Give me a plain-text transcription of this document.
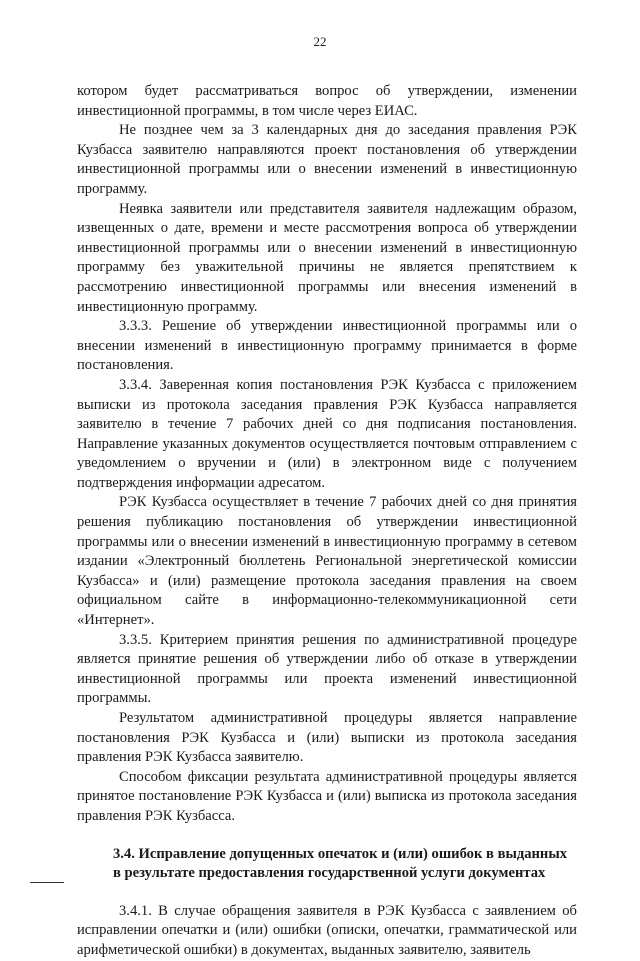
22

котором будет рассматриваться вопрос об утверждении, изменении инвестиционной программы, в том числе через ЕИАС.

Не позднее чем за 3 календарных дня до заседания правления РЭК Кузбасса заявителю направляются проект постановления об утверждении инвестиционной программы или о внесении изменений в инвестиционную программу.

Неявка заявители или представителя заявителя надлежащим образом, извещенных о дате, времени и месте рассмотрения вопроса об утверждении инвестиционной программы или о внесении изменений в инвестиционную программу без уважительной причины не является препятствием к рассмотрению инвестиционной программы или внесения изменений в инвестиционную программу.

3.3.3. Решение об утверждении инвестиционной программы или о внесении изменений в инвестиционную программу принимается в форме постановления.

3.3.4. Заверенная копия постановления РЭК Кузбасса с приложением выписки из протокола заседания правления РЭК Кузбасса направляется заявителю в течение 7 рабочих дней со дня подписания постановления. Направление указанных документов осуществляется почтовым отправлением с уведомлением о вручении и (или) в электронном виде с получением подтверждения информации адресатом.

РЭК Кузбасса осуществляет в течение 7 рабочих дней со дня принятия решения публикацию постановления об утверждении инвестиционной программы или о внесении изменений в инвестиционную программу в сетевом издании «Электронный бюллетень Региональной энергетической комиссии Кузбасса» и (или) размещение протокола заседания правления на своем официальном сайте в информационно-телекоммуникационной сети «Интернет».

3.3.5. Критерием принятия решения по административной процедуре является принятие решения об утверждении либо об отказе в утверждении инвестиционной программы или проекта изменений инвестиционной программы.

Результатом административной процедуры является направление постановления РЭК Кузбасса и (или) выписки из протокола заседания правления РЭК Кузбасса заявителю.

Способом фиксации результата административной процедуры является принятое постановление РЭК Кузбасса и (или) выписка из протокола заседания правления РЭК Кузбасса.

3.4. Исправление допущенных опечаток и (или) ошибок в выданных в результате предоставления государственной услуги документах

3.4.1. В случае обращения заявителя в РЭК Кузбасса с заявлением об исправлении опечатки и (или) ошибки (описки, опечатки, грамматической или арифметической ошибки) в документах, выданных заявителю, заявитель
